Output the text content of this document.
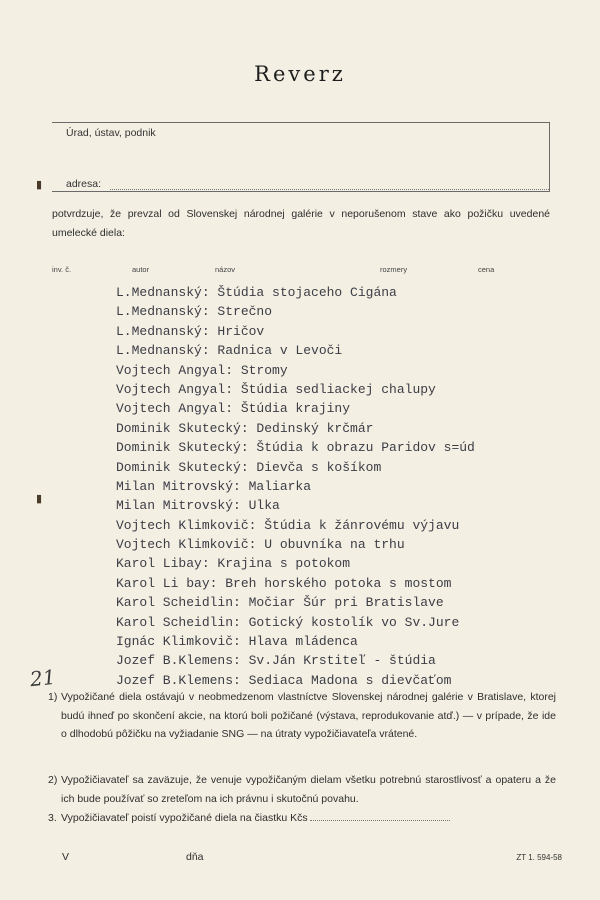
Reverz
▮
▮
Úrad, ústav, podnik
adresa:
potvrdzuje, že prevzal od Slovenskej národnej galérie v neporušenom stave ako požičku uvedené umelecké diela:
inv. č.	autor	názov	rozmery	cena
L.Mednanský: Štúdia stojaceho Cigána
L.Mednanský: Strečno
L.Mednanský: Hričov
L.Mednanský: Radnica v Levoči
Vojtech Angyal: Stromy
Vojtech Angyal: Štúdia sedliackej chalupy
Vojtech Angyal: Štúdia krajiny
Dominik Skutecký: Dedinský krčmár
Dominik Skutecký: Štúdia k obrazu Paridov s=úd
Dominik Skutecký: Dievča s košíkom
Milan Mitrovský: Maliarka
Milan Mitrovský: Ulka
Vojtech Klimkovič: Štúdia k žánrovému výjavu
Vojtech Klimkovič: U obuvníka na trhu
Karol Libay: Krajina s potokom
Karol Li bay: Breh horského potoka s mostom
Karol Scheidlin: Močiar Šúr pri Bratislave
Karol Scheidlin: Gotický kostolík vo Sv.Jure
Ignác Klimkovič: Hlava mládenca
Jozef B.Klemens: Sv.Ján Krstiteľ - štúdia
Jozef B.Klemens: Sediaca Madona s dievčaťom
21
1) Vypožičané diela ostávajú v neobmedzenom vlastníctve Slovenskej národnej galérie v Bratislave, ktorej budú ihneď po skončení akcie, na ktorú boli požičané (výstava, reprodukovanie atď.) — v prípade, že ide o dlhodobú pôžičku na vyžiadanie SNG — na útraty vypožičiavateľa vrátené.
2) Vypožičiavateľ sa zaväzuje, že venuje vypožičaným dielam všetku potrebnú starostlivosť a opateru a že ich bude používať so zreteľom na ich právnu i skutočnú povahu.
3. Vypožičiavateľ poistí vypožičané diela na čiastku Kčs
V	dňa	ZT 1. 594-58
